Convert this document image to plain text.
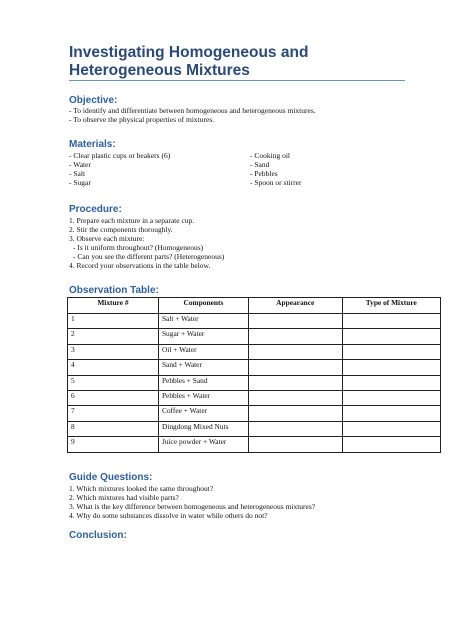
Investigating Homogeneous and Heterogeneous Mixtures
Objective:
- To identify and differentiate between homogeneous and heterogeneous mixtures.
- To observe the physical properties of mixtures.
Materials:
- Clear plastic cups or beakers (6)
- Water
- Salt
- Sugar
- Cooking oil
- Sand
- Pebbles
- Spoon or stirrer
Procedure:
1. Prepare each mixture in a separate cup.
2. Stir the components thoroughly.
3. Observe each mixture:
- Is it uniform throughout? (Homogeneous)
- Can you see the different parts? (Heterogeneous)
4. Record your observations in the table below.
Observation Table:
Mixture #	Components	Appearance	Type of Mixture
1	Salt + Water		
2	Sugar + Water		
3	Oil + Water		
4	Sand + Water		
5	Pebbles + Sand		
6	Pebbles + Water		
7	Coffee + Water		
8	Dingdong Mixed Nuts		
9	Juice powder + Water		
Guide Questions:
1. Which mixtures looked the same throughout?
2. Which mixtures had visible parts?
3. What is the key difference between homogeneous and heterogeneous mixtures?
4. Why do some substances dissolve in water while others do not?
Conclusion:
